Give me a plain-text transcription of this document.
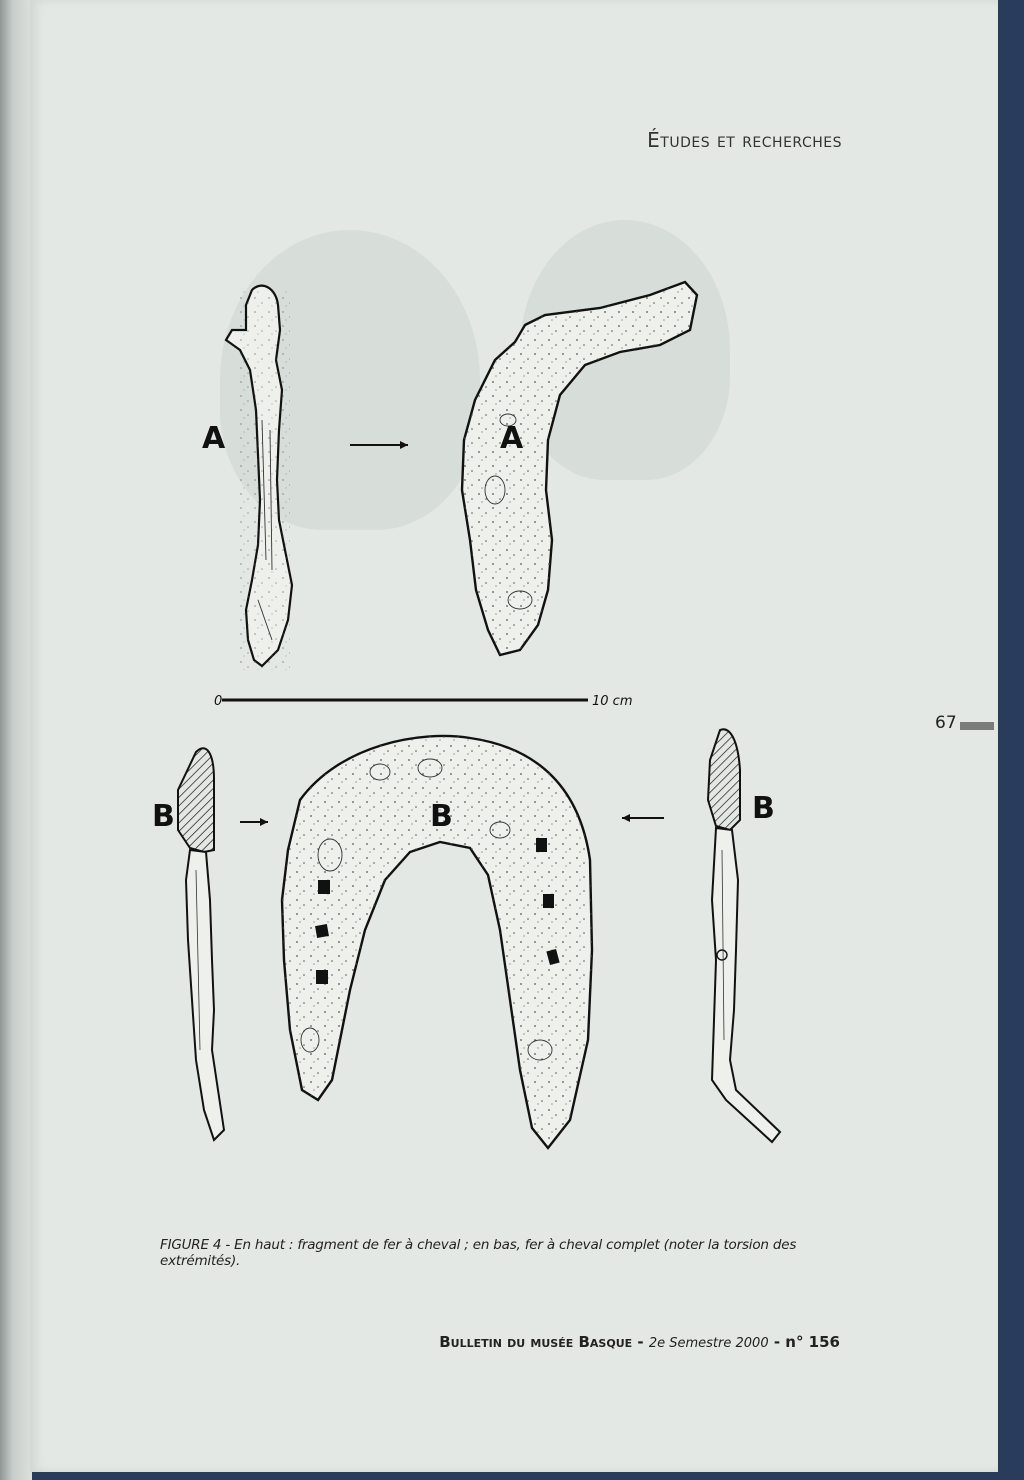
Études et recherches
67
A	A
0	10 cm
B	B	B
FIGURE 4 - En haut : fragment de fer à cheval ; en bas, fer à cheval complet (noter la torsion des extrémités).
Bulletin du musée Basque - 2e Semestre 2000 - n° 156
